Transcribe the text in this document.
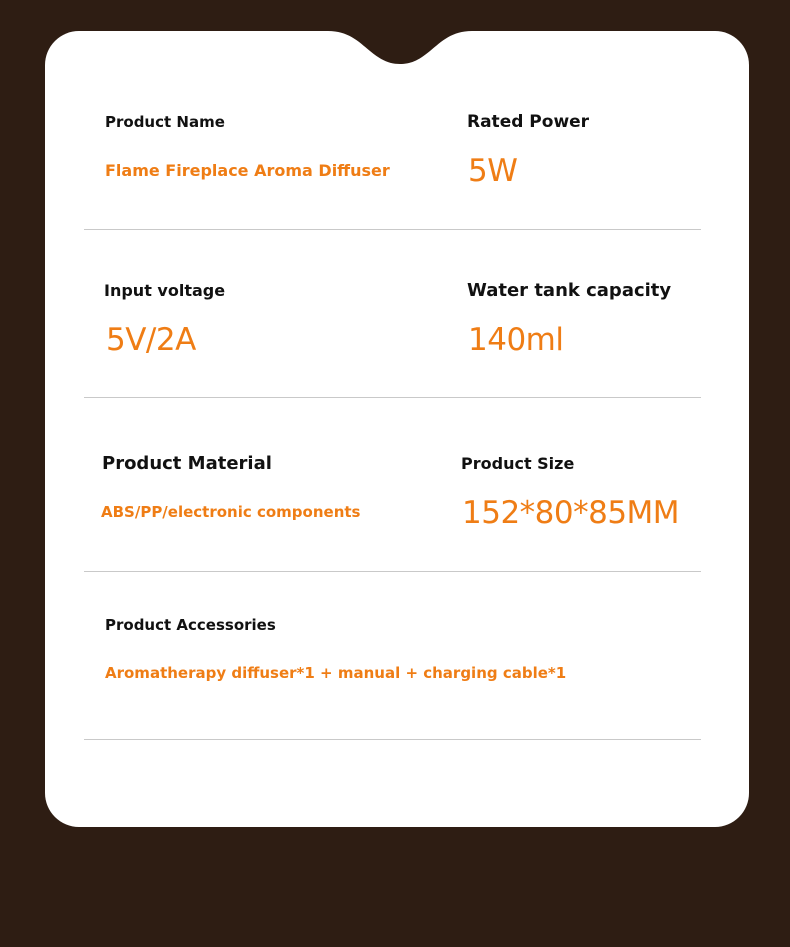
Product Name
Flame Fireplace Aroma Diffuser
Rated Power
5W
Input voltage
5V/2A
Water tank capacity
140ml
Product Material
ABS/PP/electronic components
Product Size
152*80*85MM
Product Accessories
Aromatherapy diffuser*1 + manual + charging cable*1
